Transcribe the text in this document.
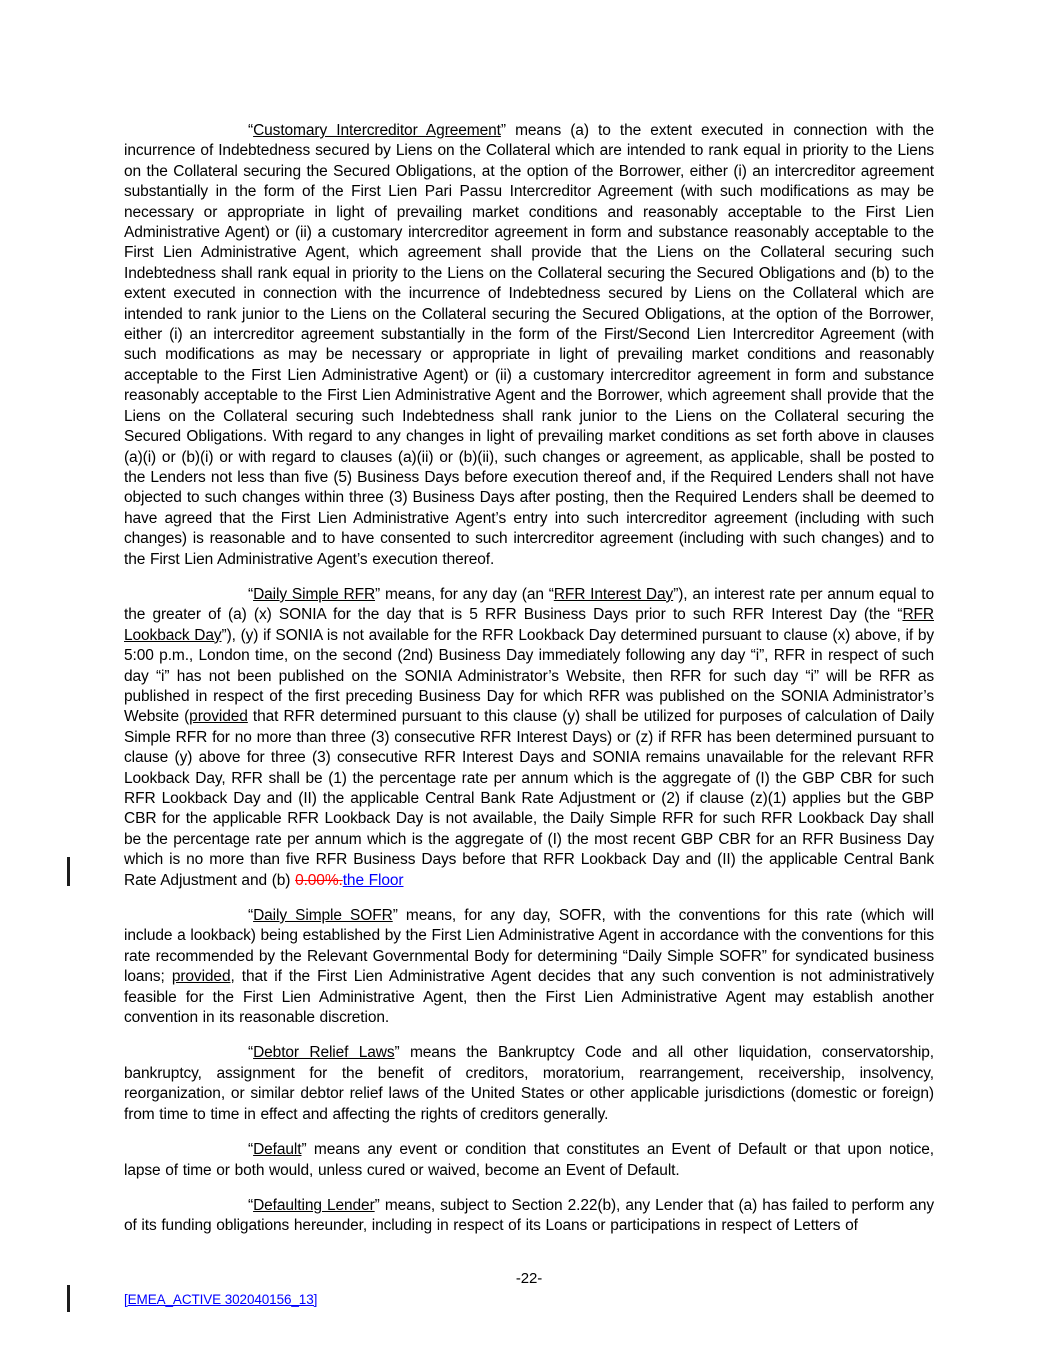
“Customary Intercreditor Agreement” means (a) to the extent executed in connection with the incurrence of Indebtedness secured by Liens on the Collateral which are intended to rank equal in priority to the Liens on the Collateral securing the Secured Obligations, at the option of the Borrower, either (i) an intercreditor agreement substantially in the form of the First Lien Pari Passu Intercreditor Agreement (with such modifications as may be necessary or appropriate in light of prevailing market conditions and reasonably acceptable to the First Lien Administrative Agent) or (ii) a customary intercreditor agreement in form and substance reasonably acceptable to the First Lien Administrative Agent, which agreement shall provide that the Liens on the Collateral securing such Indebtedness shall rank equal in priority to the Liens on the Collateral securing the Secured Obligations and (b) to the extent executed in connection with the incurrence of Indebtedness secured by Liens on the Collateral which are intended to rank junior to the Liens on the Collateral securing the Secured Obligations, at the option of the Borrower, either (i) an intercreditor agreement substantially in the form of the First/Second Lien Intercreditor Agreement (with such modifications as may be necessary or appropriate in light of prevailing market conditions and reasonably acceptable to the First Lien Administrative Agent) or (ii) a customary intercreditor agreement in form and substance reasonably acceptable to the First Lien Administrative Agent and the Borrower, which agreement shall provide that the Liens on the Collateral securing such Indebtedness shall rank junior to the Liens on the Collateral securing the Secured Obligations. With regard to any changes in light of prevailing market conditions as set forth above in clauses (a)(i) or (b)(i) or with regard to clauses (a)(ii) or (b)(ii), such changes or agreement, as applicable, shall be posted to the Lenders not less than five (5) Business Days before execution thereof and, if the Required Lenders shall not have objected to such changes within three (3) Business Days after posting, then the Required Lenders shall be deemed to have agreed that the First Lien Administrative Agent’s entry into such intercreditor agreement (including with such changes) is reasonable and to have consented to such intercreditor agreement (including with such changes) and to the First Lien Administrative Agent’s execution thereof.

“Daily Simple RFR” means, for any day (an “RFR Interest Day”), an interest rate per annum equal to the greater of (a) (x) SONIA for the day that is 5 RFR Business Days prior to such RFR Interest Day (the “RFR Lookback Day”), (y) if SONIA is not available for the RFR Lookback Day determined pursuant to clause (x) above, if by 5:00 p.m., London time, on the second (2nd) Business Day immediately following any day “i”, RFR in respect of such day “i” has not been published on the SONIA Administrator’s Website, then RFR for such day “i” will be RFR as published in respect of the first preceding Business Day for which RFR was published on the SONIA Administrator’s Website (provided that RFR determined pursuant to this clause (y) shall be utilized for purposes of calculation of Daily Simple RFR for no more than three (3) consecutive RFR Interest Days) or (z) if RFR has been determined pursuant to clause (y) above for three (3) consecutive RFR Interest Days and SONIA remains unavailable for the relevant RFR Lookback Day, RFR shall be (1) the percentage rate per annum which is the aggregate of (I) the GBP CBR for such RFR Lookback Day and (II) the applicable Central Bank Rate Adjustment or (2) if clause (z)(1) applies but the GBP CBR for the applicable RFR Lookback Day is not available, the Daily Simple RFR for such RFR Lookback Day shall be the percentage rate per annum which is the aggregate of (I) the most recent GBP CBR for an RFR Business Day which is no more than five RFR Business Days before that RFR Lookback Day and (II) the applicable Central Bank Rate Adjustment and (b) 0.00%.the Floor

“Daily Simple SOFR” means, for any day, SOFR, with the conventions for this rate (which will include a lookback) being established by the First Lien Administrative Agent in accordance with the conventions for this rate recommended by the Relevant Governmental Body for determining “Daily Simple SOFR” for syndicated business loans; provided, that if the First Lien Administrative Agent decides that any such convention is not administratively feasible for the First Lien Administrative Agent, then the First Lien Administrative Agent may establish another convention in its reasonable discretion.

“Debtor Relief Laws” means the Bankruptcy Code and all other liquidation, conservatorship, bankruptcy, assignment for the benefit of creditors, moratorium, rearrangement, receivership, insolvency, reorganization, or similar debtor relief laws of the United States or other applicable jurisdictions (domestic or foreign) from time to time in effect and affecting the rights of creditors generally.

“Default” means any event or condition that constitutes an Event of Default or that upon notice, lapse of time or both would, unless cured or waived, become an Event of Default.

“Defaulting Lender” means, subject to Section 2.22(b), any Lender that (a) has failed to perform any of its funding obligations hereunder, including in respect of its Loans or participations in respect of Letters of

-22-
[EMEA_ACTIVE 302040156_13]
